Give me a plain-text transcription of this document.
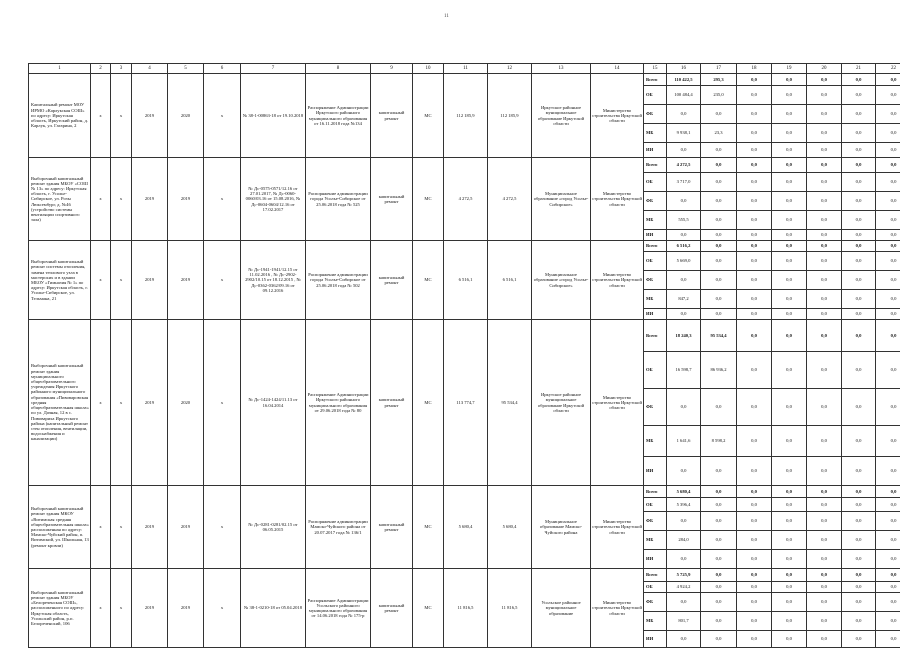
11
1	2	3	4	5	6	7	8	9	10	11	12	13	14	15	16	17	18	19	20	21	22
Капитальный ремонт МОУ ИРМО «Карлукская СОШ» по адресу: Иркутская область, Иркутский район, д. Карлук, ул. Гагарина, 2	х	х	2019	2020	х	№ 38-1-00863-18 от 19.10.2018	Распоряжение Администрации Иркутского районного муниципального образования от 16.11.2018 года №134	капитальный ремонт	МС	112 185,9	112 185,9	Иркутское районное муниципальное образование Иркутской области	Министерство строительства Иркутской области	Всего	110 422,5	295,3	0,0	0,0	0,0	0,0	0,0
														ОБ	100 484,4	235,0	0,0	0,0	0,0	0,0	0,0
														ФБ	0,0	0,0	0,0	0,0	0,0	0,0	0,0
														МБ	9 938,1	23,3	0,0	0,0	0,0	0,0	0,0
														ИИ	0,0	0,0	0,0	0,0	0,0	0,0	0,0
Выборочный капитальный ремонт здания МБОУ «СОШ № 13» по адресу: Иркутская область, г. Усолье-Сибирское, ул. Розы Люксембург, д. №46 (устройство системы вентиляции спортивного зала)	х	х	2019	2019	х	№ Дс-0575-0571/12.16 от 27.01.2017, № Дс-0060-0060/03.16 от 15.08.2016, № Дс-0604-0604/12.16 от 17.02.2017	Распоряжение администрации города Усолье-Сибирское от 25.06.2018 года № 525	капитальный ремонт	МС	4 272,5	4 272,5	Муниципальное образование «город Усолье-Сибирское»	Министерство строительства Иркутской области	Всего	4 272,5	0,0	0,0	0,0	0,0	0,0	0,0
														ОБ	3 717,0	0,0	0,0	0,0	0,0	0,0	0,0
														ФБ	0,0	0,0	0,0	0,0	0,0	0,0	0,0
														МБ	555,5	0,0	0,0	0,0	0,0	0,0	0,0
														ИИ	0,0	0,0	0,0	0,0	0,0	0,0	0,0
Выборочный капитальный ремонт системы отопления, замена теплового узла в мастерских и в здании МБОУ «Гимназия № 1» по адресу: Иркутская область, г. Усолье-Сибирское, ул. Тельмана, 21	х	х	2019	2019	х	№ Дс-1941-1941/12.15 от 11.02.2016 , № Дс-2902-2902/10.15 от 18.12.2015 , № Дс-0362-0362/09.16 от 09.12.2016	Распоряжение администрации города Усолье-Сибирское от 25.06.2018 года № 502	капитальный ремонт	МС	6 516,1	6 516,1	Муниципальное образование «город Усолье-Сибирское»	Министерство строительства Иркутской области	Всего	6 516,2	0,0	0,0	0,0	0,0	0,0	0,0
														ОБ	5 669,0	0,0	0,0	0,0	0,0	0,0	0,0
														ФБ	0,0	0,0	0,0	0,0	0,0	0,0	0,0
														МБ	847,2	0,0	0,0	0,0	0,0	0,0	0,0
														ИИ	0,0	0,0	0,0	0,0	0,0	0,0	0,0
Выборочный капитальный ремонт здания муниципального общеобразовательного учреждения Иркутского районного муниципального образования «Пивоваровская средняя общеобразовательная школа» по ул. Дачная, 12 в с. Пивовариха Иркутского района (капитальный ремонт стен отопления, вентиляции, водоснабжения и канализации)	х	х	2019	2020	х	№ Дс-1424-1424/11.13 от 16.04.2014	Распоряжение Администрации Иркутского районного муниципального образования от 29.06.2018 года № 80	капитальный ремонт	МС	113 774,7	95 534,4	Иркутское районное муниципальное образование Иркутской области	Министерство строительства Иркутской области	Всего	18 240,3	95 534,4	0,0	0,0	0,0	0,0	0,0
														ОБ	16 598,7	86 936,2	0,0	0,0	0,0	0,0	0,0
														ФБ	0,0	0,0	0,0	0,0	0,0	0,0	0,0
														МБ	1 641,6	8 598,2	0,0	0,0	0,0	0,0	0,0
														ИИ	0,0	0,0	0,0	0,0	0,0	0,0	0,0
Выборочный капитальный ремонт здания МКОУ «Витимская средняя общеобразовательная школа» расположенная по адресу: Мамско-Чуйский район, п. Витимский, ул. Школьная, 13 (ремонт кровли)	х	х	2019	2019	х	№ Дс-0281-0281/02.15 от 06.05.2015	Распоряжение администрации Мамско-Чуйского района от 20.07.2017 года № 136/1	капитальный ремонт	МС	5 680,4	5 680,4	Муниципальное образование Мамско-Чуйского района	Министерство строительства Иркутской области	Всего	5 680,4	0,0	0,0	0,0	0,0	0,0	0,0
														ОБ	5 396,4	0,0	0,0	0,0	0,0	0,0	0,0
														ФБ	0,0	0,0	0,0	0,0	0,0	0,0	0,0
														МБ	284,0	0,0	0,0	0,0	0,0	0,0	0,0
														ИИ	0,0	0,0	0,0	0,0	0,0	0,0	0,0
Выборочный капитальный ремонт здания МБОУ «Белореченская СОШ», расположенного по адресу: Иркутская область, Усольский район, р.п. Белореченский, 106	х	х	2019	2019	х	№ 38-1-0210-18 от 05.04.2018	Распоряжение Администрации Усольского районного муниципального образования от 14.06.2018 года № 175-р	капитальный ремонт	МС	11 816,5	11 816,5	Усольское районное муниципальное образование	Министерство строительства Иркутской области	Всего	5 725,9	0,0	0,0	0,0	0,0	0,0	0,0
														ОБ	4 924,2	0,0	0,0	0,0	0,0	0,0	0,0
														ФБ	0,0	0,0	0,0	0,0	0,0	0,0	0,0
														МБ	801,7	0,0	0,0	0,0	0,0	0,0	0,0
														ИИ	0,0	0,0	0,0	0,0	0,0	0,0	0,0
